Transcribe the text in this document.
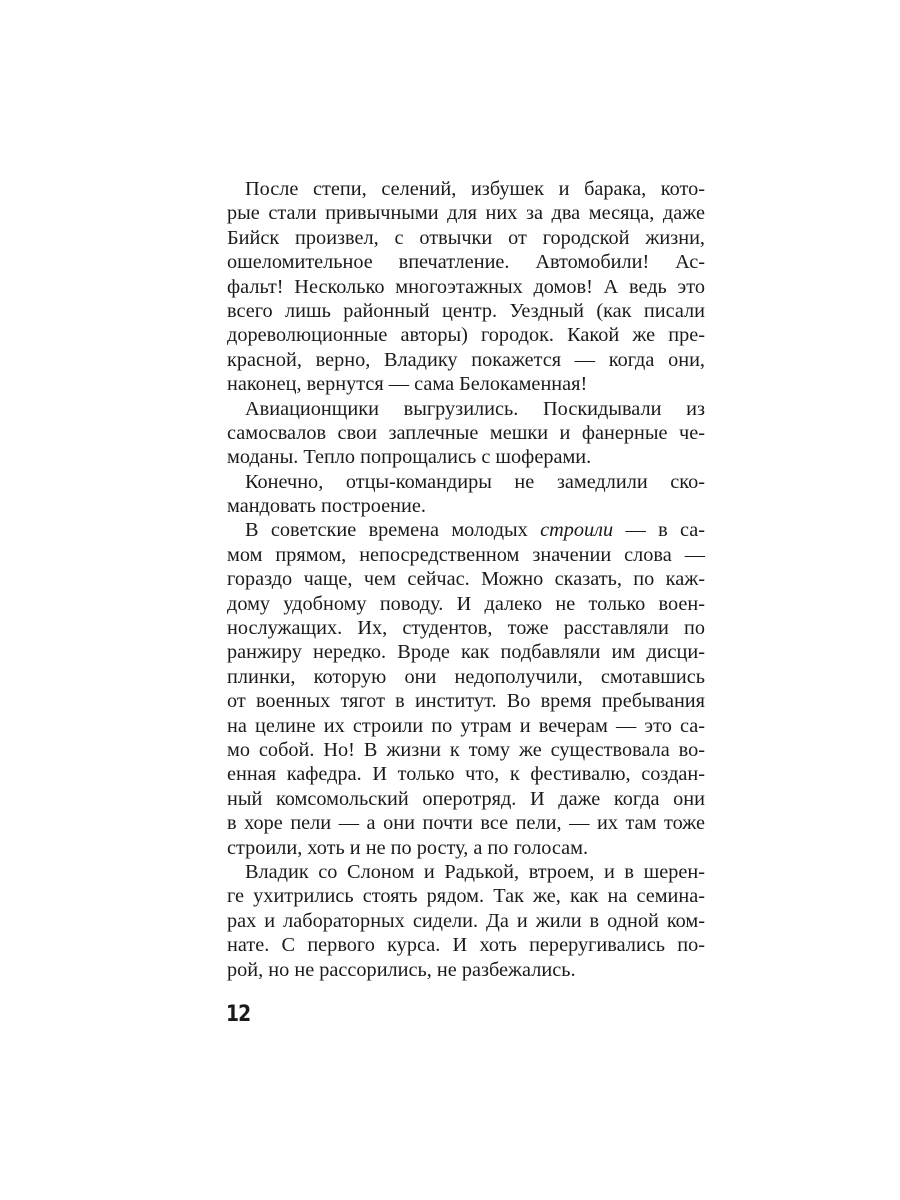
После степи, селений, избушек и барака, кото-
рые стали привычными для них за два месяца, даже
Бийск произвел, с отвычки от городской жизни,
ошеломительное впечатление. Автомобили! Ас-
фальт! Несколько многоэтажных домов! А ведь это
всего лишь районный центр. Уездный (как писали
дореволюционные авторы) городок. Какой же пре-
красной, верно, Владику покажется — когда они,
наконец, вернутся — сама Белокаменная!
Авиационщики выгрузились. Поскидывали из
самосвалов свои заплечные мешки и фанерные че-
моданы. Тепло попрощались с шоферами.
Конечно, отцы-командиры не замедлили ско-
мандовать построение.
В советские времена молодых строили — в са-
мом прямом, непосредственном значении слова —
гораздо чаще, чем сейчас. Можно сказать, по каж-
дому удобному поводу. И далеко не только воен-
нослужащих. Их, студентов, тоже расставляли по
ранжиру нередко. Вроде как подбавляли им дисци-
плинки, которую они недополучили, смотавшись
от военных тягот в институт. Во время пребывания
на целине их строили по утрам и вечерам — это са-
мо собой. Но! В жизни к тому же существовала во-
енная кафедра. И только что, к фестивалю, создан-
ный комсомольский оперотряд. И даже когда они
в хоре пели — а они почти все пели, — их там тоже
строили, хоть и не по росту, а по голосам.
Владик со Слоном и Радькой, втроем, и в шерен-
ге ухитрились стоять рядом. Так же, как на семина-
рах и лабораторных сидели. Да и жили в одной ком-
нате. С первого курса. И хоть переругивались по-
рой, но не рассорились, не разбежались.
12
